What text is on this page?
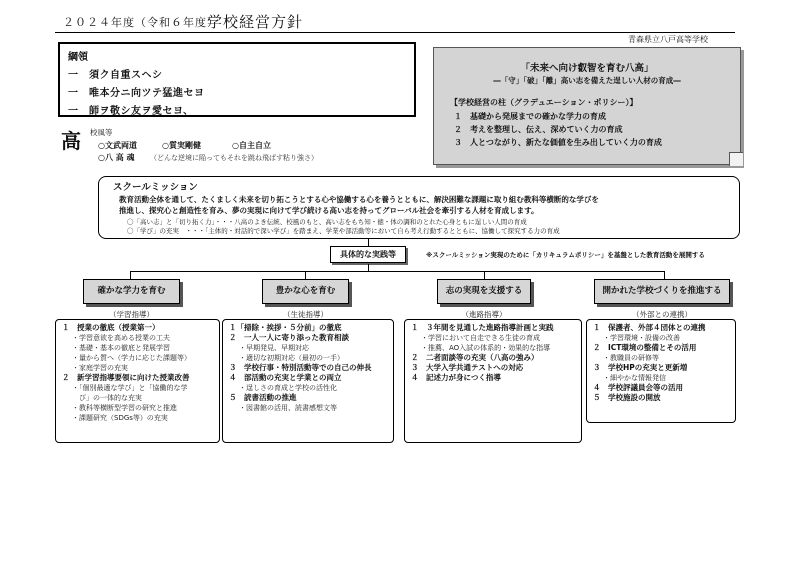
２０２４年度（令和６年度）
学校経営方針
青森県立八戸高等学校
綱領
一　須ク自重スヘシ
一　唯本分ニ向ツテ猛進セヨ
一　師ヲ敬シ友ヲ愛セヨ、
「未来へ向け叡智を育む八高」
―「守」「破」「離」高い志を備えた逞しい人材の育成―
【学校経営の柱（グラデュエーション・ポリシー）】
１　基礎から発展までの確かな学力の育成
２　考えを整理し、伝え、深めていく力の育成
３　人とつながり、新たな価値を生み出していく力の育成
高 校風等
○文武両道	○質実剛健	○自主自立
○八 高 魂 （どんな逆境に陥ってもそれを跳ね飛ばす粘り強さ）
スクールミッション
教育活動全体を通して、たくましく未来を切り拓こうとする心や協働する心を養うとともに、解決困難な課題に取り組む教科等横断的な学びを
推進し、探究心と創造性を育み、夢の実現に向けて学び続ける高い志を持ってグローバル社会を牽引する人材を育成します。
〇「高い志」と「切り拓く力」・・・八高のよき伝統、校風のもと、高い志をもち知・徳・体の調和のとれた心身ともに逞しい人間の育成
〇「学び」の充実　・・・「主体的・対話的で深い学び」を踏まえ、学業や部活動等において自ら考え行動するとともに、協働して探究する力の育成
具体的な実践等	※スクールミッション実現のために「カリキュラムポリシー」を基盤とした教育活動を展開する
確かな学力を育む	豊かな心を育む	志の実現を支援する	開かれた学校づくりを推進する
（学習指導）	（生徒指導）	（進路指導）	（外部との連携）
１　授業の徹底（授業第一）
・学習意欲を高める授業の工夫
・基礎・基本の徹底と発展学習
・量から質へ（学力に応じた課題等）
・家庭学習の充実
２　新学習指導要領に向けた授業改善
・「個別最適な学び」と「協働的な学
　び」の一体的な充実
・教科等横断型学習の研究と推進
・課題研究（SDGs等）の充実
１「掃除・挨拶・５分前」の徹底
２　一人一人に寄り添った教育相談
・早期発見、早期対応
・適切な初期対応（最初の一手）
３　学校行事・特別活動等での自己の伸長
４　部活動の充実と学業との両立
・逞しさの育成と学校の活性化
５　読書活動の推進
・図書館の活用、読書感想文等
１　３年間を見通した進路指導計画と実践
・学習において自走できる生徒の育成
・推薦、AO入試の体系的・効果的な指導
２　二者面談等の充実（八高の強み）
３　大学入学共通テストへの対応
４　記述力が身につく指導
１　保護者、外部４団体との連携
・学習環境・設備の改善
２　ICT環境の整備とその活用
・教職員の研修等
３　学校HPの充実と更新増
・細やかな情報発信
４　学校評議員会等の活用
５　学校施設の開放
